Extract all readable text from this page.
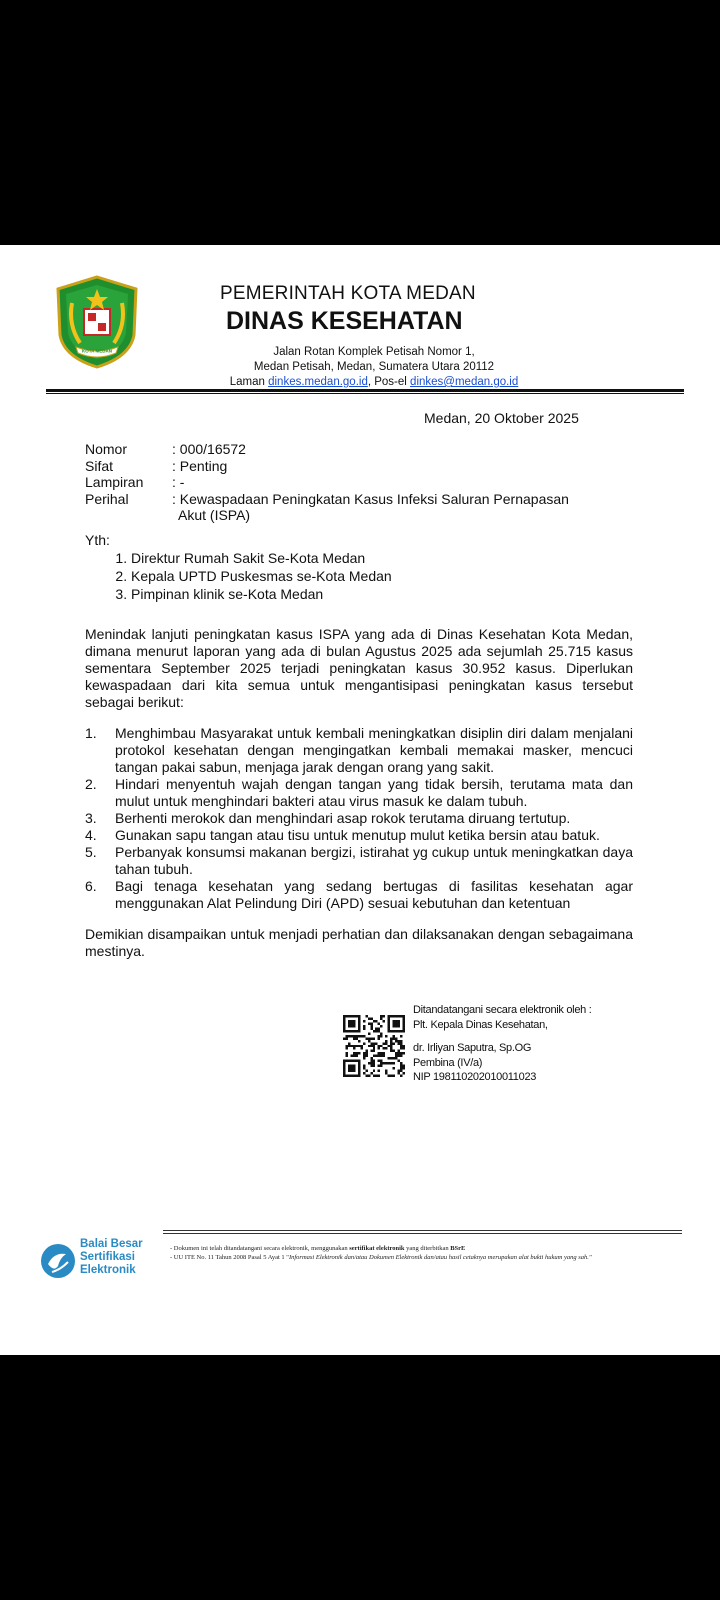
KOTA MEDAN
PEMERINTAH KOTA MEDAN
DINAS KESEHATAN
Jalan Rotan Komplek Petisah Nomor 1,
Medan Petisah, Medan, Sumatera Utara 20112
Laman dinkes.medan.go.id, Pos-el dinkes@medan.go.id
Medan, 20 Oktober 2025
Nomor	: 000/16572
Sifat	: Penting
Lampiran	: -
Perihal	: Kewaspadaan Peningkatan Kasus Infeksi Saluran Pernapasan
Akut (ISPA)
Yth:
1. Direktur Rumah Sakit Se-Kota Medan
2. Kepala UPTD Puskesmas se-Kota Medan
3. Pimpinan klinik se-Kota Medan
Menindak lanjuti peningkatan kasus ISPA yang ada di Dinas Kesehatan Kota Medan, dimana menurut laporan yang ada di bulan Agustus 2025 ada sejumlah 25.715 kasus sementara September 2025 terjadi peningkatan kasus 30.952 kasus. Diperlukan kewaspadaan dari kita semua untuk mengantisipasi peningkatan kasus tersebut sebagai berikut:
1.	Menghimbau Masyarakat untuk kembali meningkatkan disiplin diri dalam menjalani protokol kesehatan dengan mengingatkan kembali memakai masker, mencuci tangan pakai sabun, menjaga jarak dengan orang yang sakit.
2.	Hindari menyentuh wajah dengan tangan yang tidak bersih, terutama mata dan mulut untuk menghindari bakteri atau virus masuk ke dalam tubuh.
3.	Berhenti merokok dan menghindari asap rokok terutama diruang tertutup.
4.	Gunakan sapu tangan atau tisu untuk menutup mulut ketika bersin atau batuk.
5.	Perbanyak konsumsi makanan bergizi, istirahat yg cukup untuk meningkatkan daya tahan tubuh.
6.	Bagi tenaga kesehatan yang sedang bertugas di fasilitas kesehatan agar menggunakan Alat Pelindung Diri (APD) sesuai kebutuhan dan ketentuan
Demikian disampaikan untuk menjadi perhatian dan dilaksanakan dengan sebagaimana mestinya.
Ditandatangani secara elektronik oleh :
Plt. Kepala Dinas Kesehatan,
dr. Irliyan Saputra, Sp.OG
Pembina (IV/a)
NIP 198110202010011023
Balai Besar
Sertifikasi
Elektronik
- Dokumen ini telah ditandatangani secara elektronik, menggunakan sertifikat elektronik yang diterbitkan BSrE
- UU ITE No. 11 Tahun 2008 Pasal 5 Ayat 1 "Informasi Elektronik dan/atau Dokumen Elektronik dan/atau hasil cetaknya merupakan alat bukti hukum yang sah."
